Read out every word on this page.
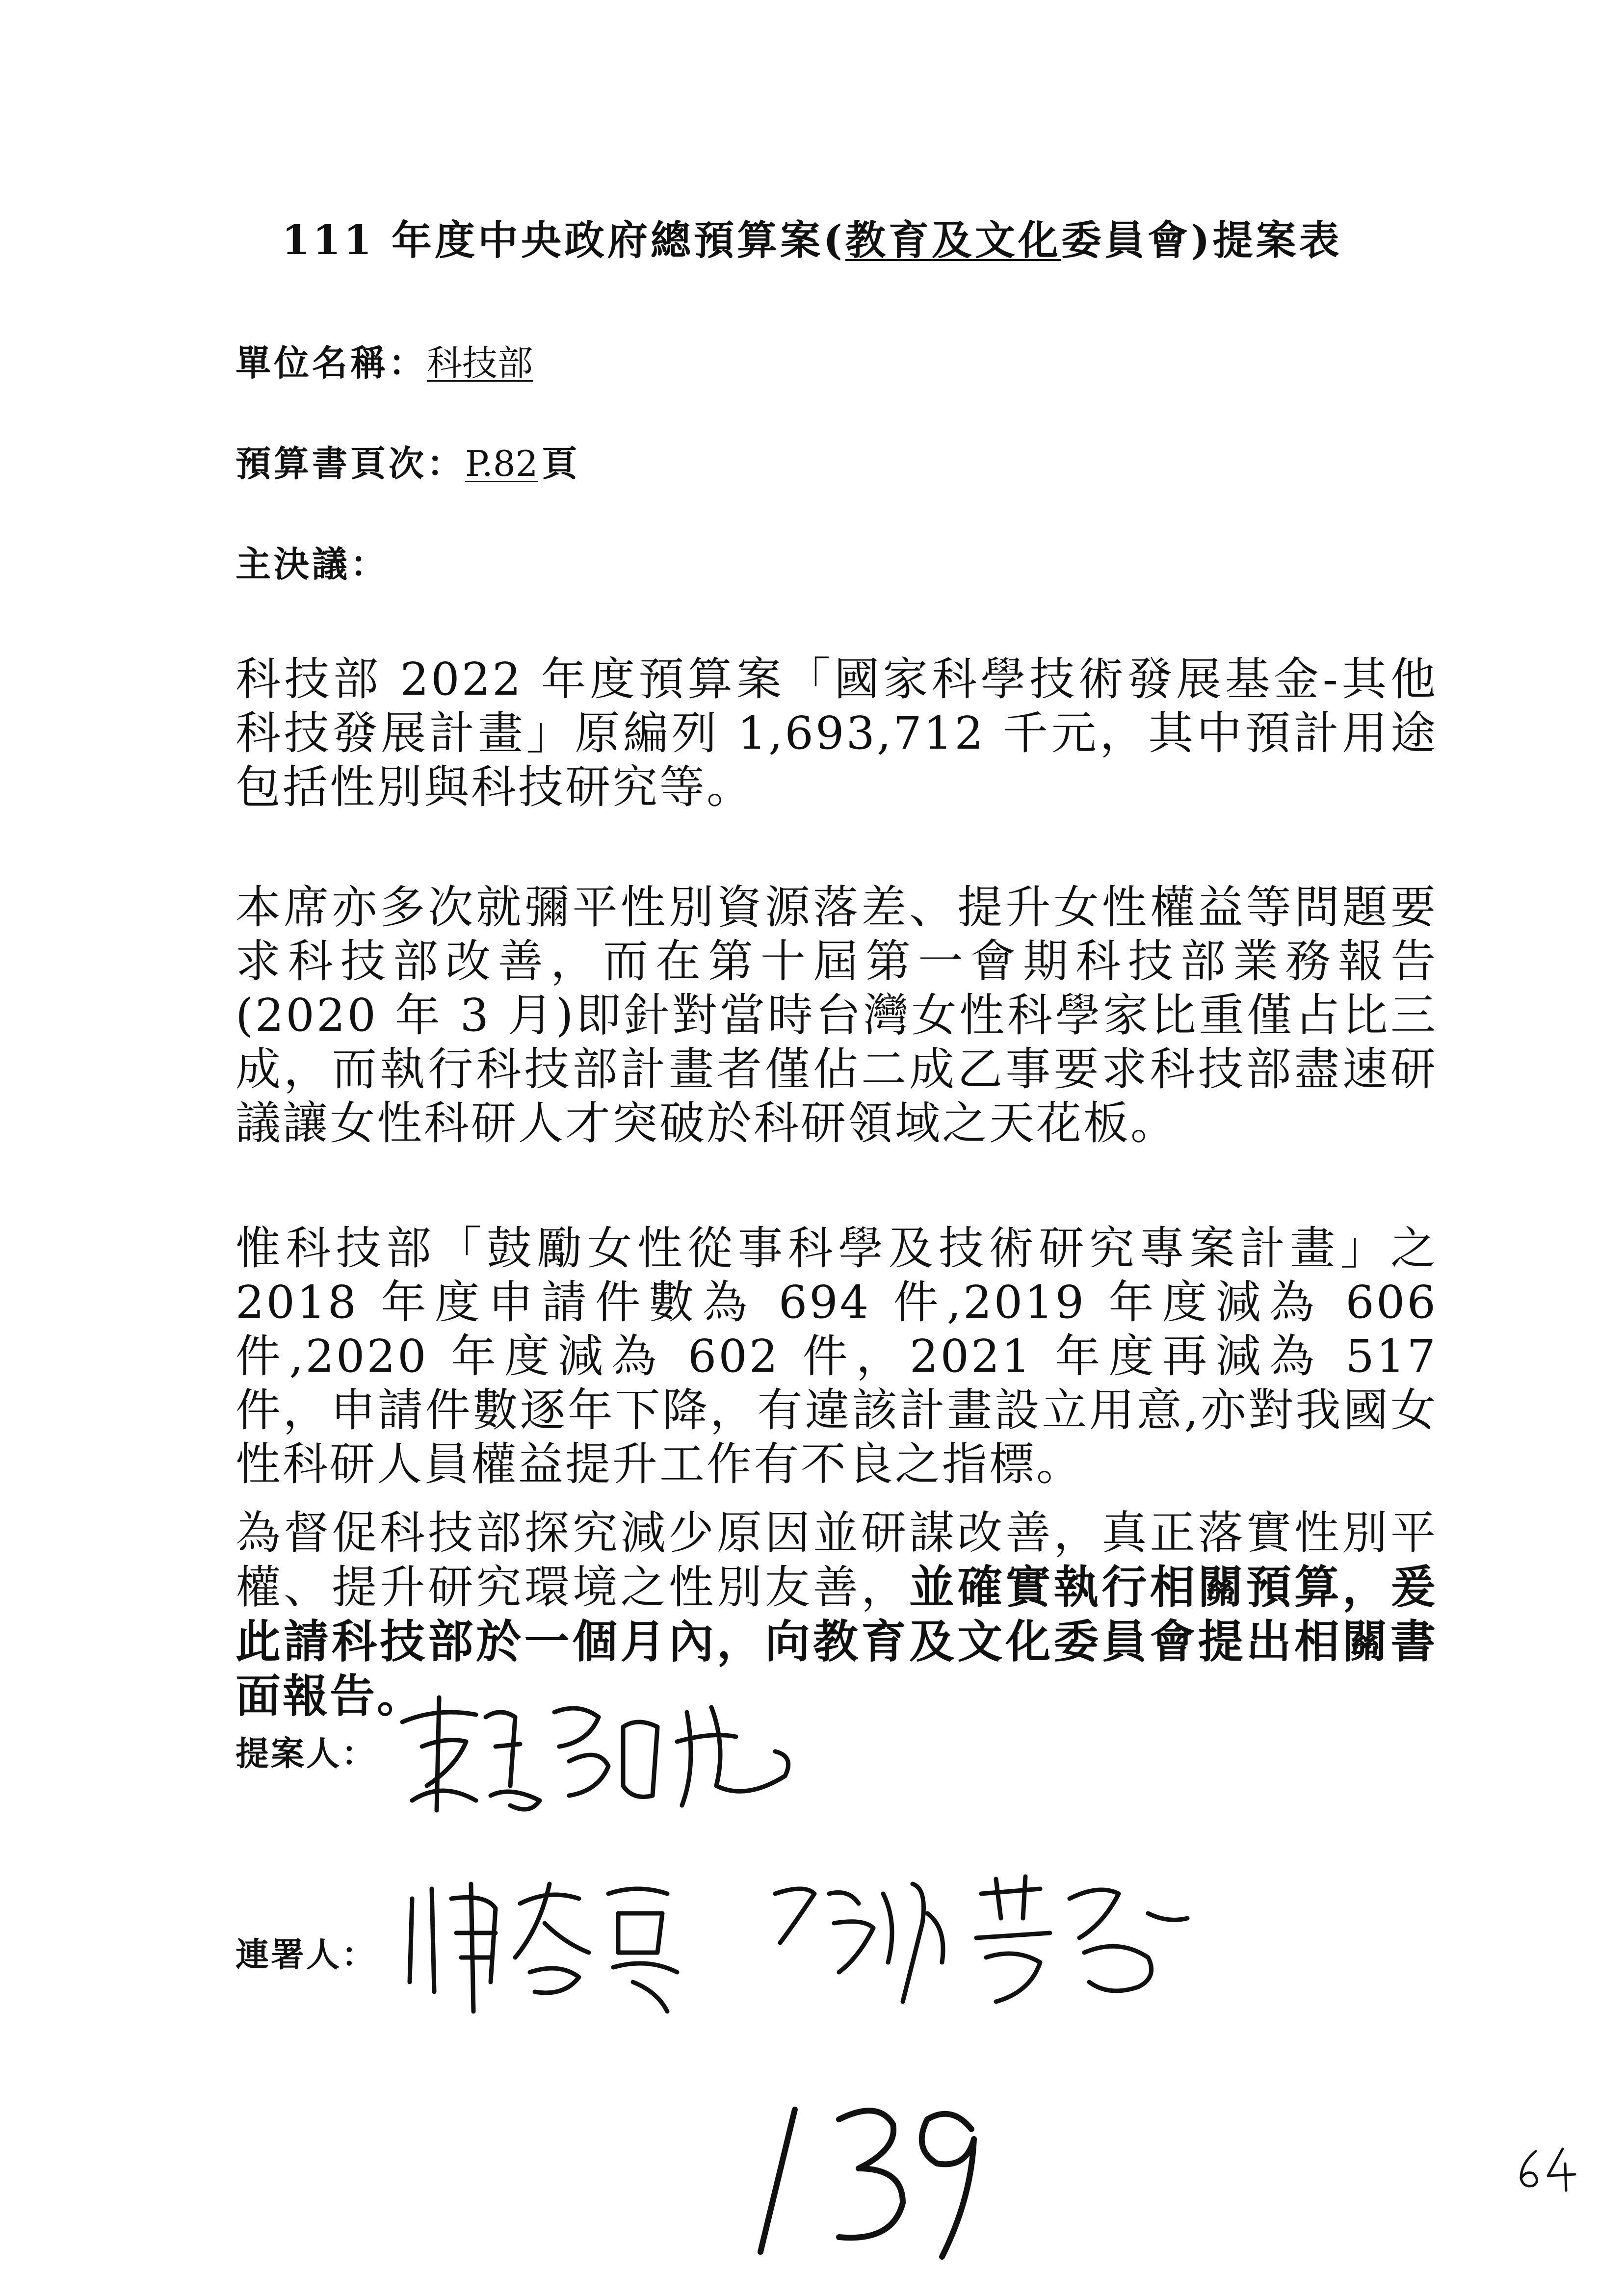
111 年度中央政府總預算案(教育及文化委員會)提案表
單位名稱：科技部
預算書頁次：P.82 頁
主決議：

科技部 2022 年度預算案「國家科學技術發展基金-其他科技發展計畫」原編列 1,693,712 千元，其中預計用途包括性別與科技研究等。

本席亦多次就彌平性別資源落差、提升女性權益等問題要求科技部改善，而在第十屆第一會期科技部業務報告(2020 年 3 月)即針對當時台灣女性科學家比重僅占比三成，而執行科技部計畫者僅佔二成乙事要求科技部盡速研議讓女性科研人才突破於科研領域之天花板。

惟科技部「鼓勵女性從事科學及技術研究專案計畫」之 2018 年度申請件數為 694 件,2019 年度減為 606 件,2020 年度減為 602 件，2021 年度再減為 517 件，申請件數逐年下降，有違該計畫設立用意,亦對我國女性科研人員權益提升工作有不良之指標。

為督促科技部探究減少原因並研謀改善，真正落實性別平權、提升研究環境之性別友善，並確實執行相關預算，爰此請科技部於一個月內，向教育及文化委員會提出相關書面報告。

提案人：
連署人：
